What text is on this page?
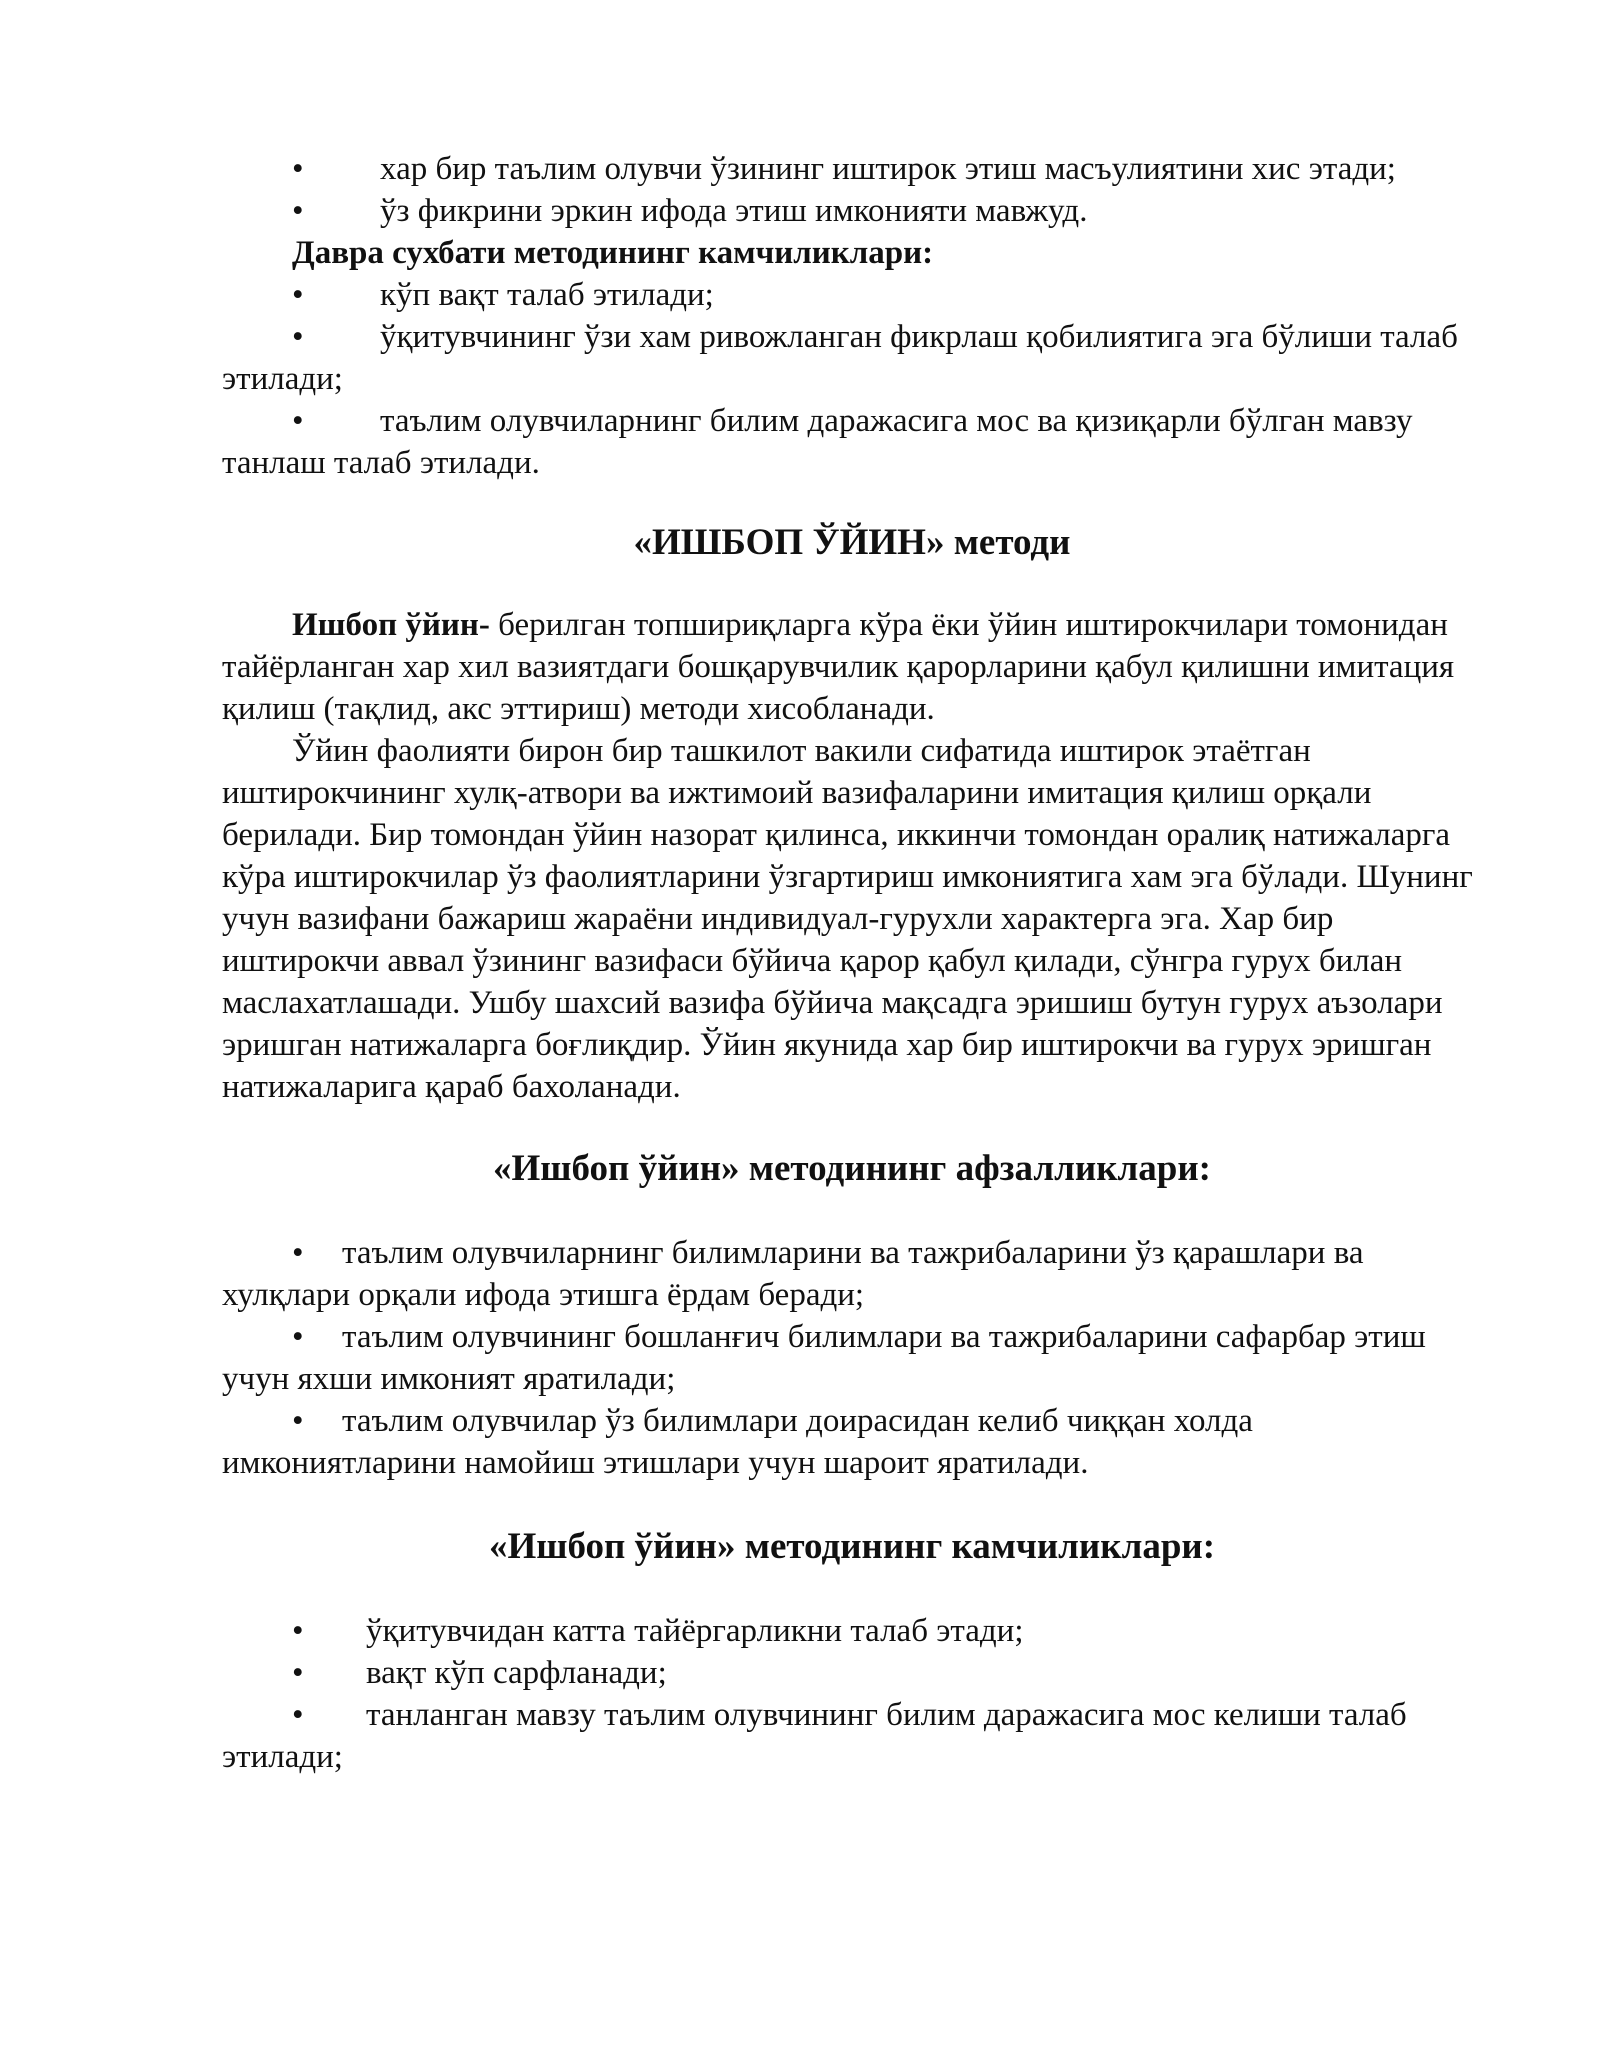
• хар бир таълим олувчи ўзининг иштирок этиш масъулиятини хис этади;

• ўз фикрини эркин ифода этиш имконияти мавжуд.

Давра сухбати методининг камчиликлари:

• кўп вақт талаб этилади;

• ўқитувчининг ўзи хам ривожланган фикрлаш қобилиятига эга бўлиши талаб этилади;

• таълим олувчиларнинг билим даражасига мос ва қизиқарли бўлган мавзу танлаш талаб этилади.

«ИШБОП ЎЙИН» методи

Ишбоп ўйин- берилган топшириқларга кўра ёки ўйин иштирокчилари томонидан тайёрланган хар хил вазиятдаги бошқарувчилик қарорларини қабул қилишни имитация қилиш (тақлид, акс эттириш) методи хисобланади.

Ўйин фаолияти бирон бир ташкилот вакили сифатида иштирок этаётган иштирокчининг хулқ-атвори ва ижтимоий вазифаларини имитация қилиш орқали берилади. Бир томондан ўйин назорат қилинса, иккинчи томондан оралиқ натижаларга кўра иштирокчилар ўз фаолиятларини ўзгартириш имкониятига хам эга бўлади. Шунинг учун вазифани бажариш жараёни индивидуал-гурухли характерга эга. Хар бир иштирокчи аввал ўзининг вазифаси бўйича қарор қабул қилади, сўнгра гурух билан маслахатлашади. Ушбу шахсий вазифа бўйича мақсадга эришиш бутун гурух аъзолари эришган натижаларга боғлиқдир. Ўйин якунида хар бир иштирокчи ва гурух эришган натижаларига қараб бахоланади.

«Ишбоп ўйин» методининг афзалликлари:

• таълим олувчиларнинг билимларини ва тажрибаларини ўз қарашлари ва хулқлари орқали ифода этишга ёрдам беради;

• таълим олувчининг бошланғич билимлари ва тажрибаларини сафарбар этиш учун яхши имконият яратилади;

• таълим олувчилар ўз билимлари доирасидан келиб чиққан холда имкониятларини намойиш этишлари учун шароит яратилади.

«Ишбоп ўйин» методининг камчиликлари:

• ўқитувчидан катта тайёргарликни талаб этади;

• вақт кўп сарфланади;

• танланган мавзу таълим олувчининг билим даражасига мос келиши талаб этилади;
